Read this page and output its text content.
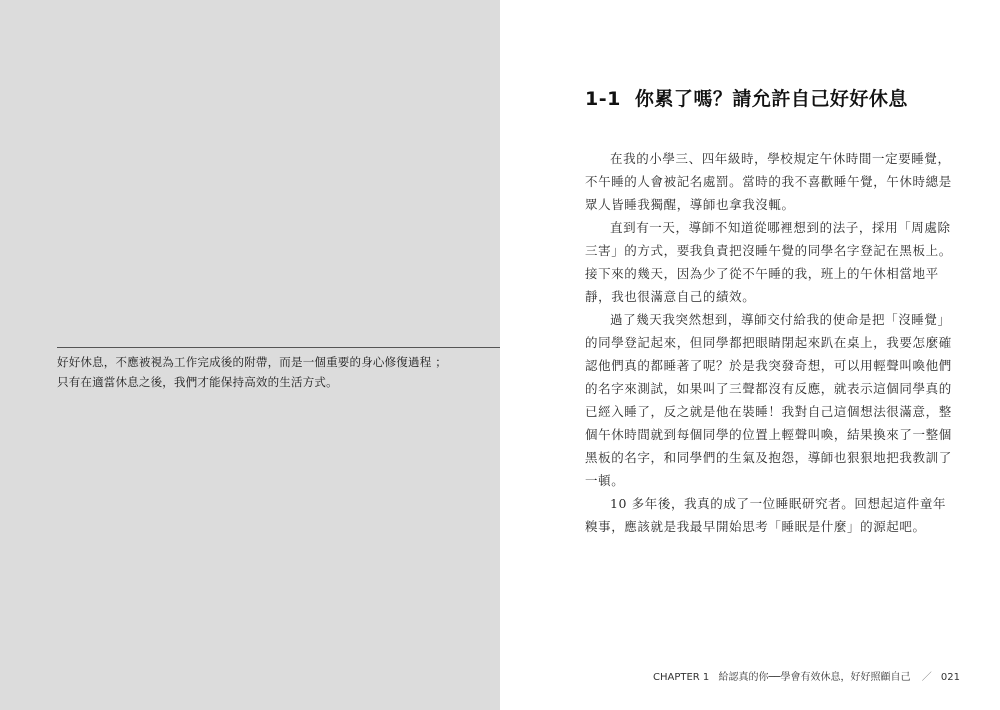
好好休息，不應被視為工作完成後的附帶，而是一個重要的身心修復過程 ；
只有在適當休息之後，我們才能保持高效的生活方式。
1-1 你累了嗎？請允許自己好好休息
在我的小學三、四年級時，學校規定午休時間一定要睡覺，
不午睡的人會被記名處罰。當時的我不喜歡睡午覺，午休時總是
眾人皆睡我獨醒，導師也拿我沒輒。
直到有一天，導師不知道從哪裡想到的法子，採用「周處除
三害」的方式，要我負責把沒睡午覺的同學名字登記在黑板上。
接下來的幾天，因為少了從不午睡的我，班上的午休相當地平
靜，我也很滿意自己的績效。
過了幾天我突然想到，導師交付給我的使命是把「沒睡覺」
的同學登記起來，但同學都把眼睛閉起來趴在桌上，我要怎麼確
認他們真的都睡著了呢？於是我突發奇想，可以用輕聲叫喚他們
的名字來測試，如果叫了三聲都沒有反應，就表示這個同學真的
已經入睡了，反之就是他在裝睡！我對自己這個想法很滿意，整
個午休時間就到每個同學的位置上輕聲叫喚，結果換來了一整個
黑板的名字，和同學們的生氣及抱怨，導師也狠狠地把我教訓了
一頓。
10 多年後，我真的成了一位睡眠研究者。回想起這件童年
糗事，應該就是我最早開始思考「睡眠是什麼」的源起吧。
CHAPTER 1 給認真的你──學會有效休息，好好照顧自己 ／ 021
